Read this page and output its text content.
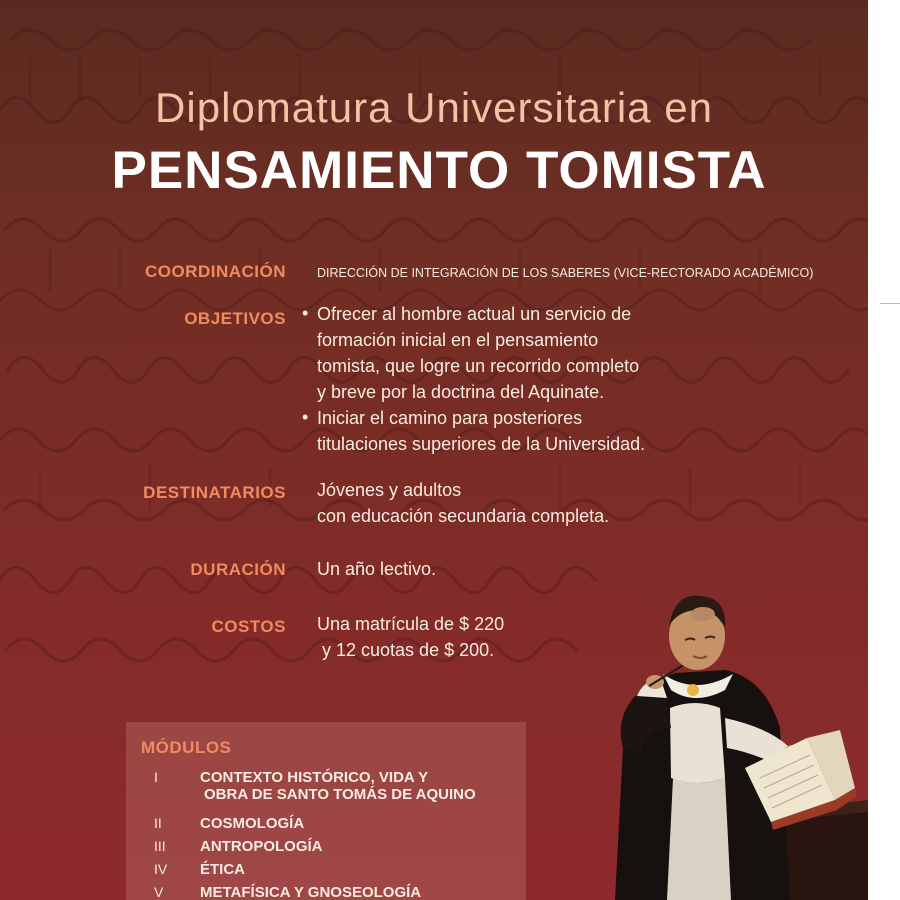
Diplomatura Universitaria en
PENSAMIENTO TOMISTA
COORDINACIÓN DIRECCIÓN DE INTEGRACIÓN DE LOS SABERES (VICE-RECTORADO ACADÉMICO)
OBJETIVOS • Ofrecer al hombre actual un servicio de
formación inicial en el pensamiento
tomista, que logre un recorrido completo
y breve por la doctrina del Aquinate.
• Iniciar el camino para posteriores
titulaciones superiores de la Universidad.
DESTINATARIOS Jóvenes y adultos
con educación secundaria completa.
DURACIÓN Un año lectivo.
COSTOS Una matrícula de $ 220
y 12 cuotas de $ 200.
MÓDULOS
I	CONTEXTO HISTÓRICO, VIDA Y
OBRA DE SANTO TOMÁS DE AQUINO
II	COSMOLOGÍA
III ANTROPOLOGÍA
IV ÉTICA
V METAFÍSICA Y GNOSEOLOGÍA
